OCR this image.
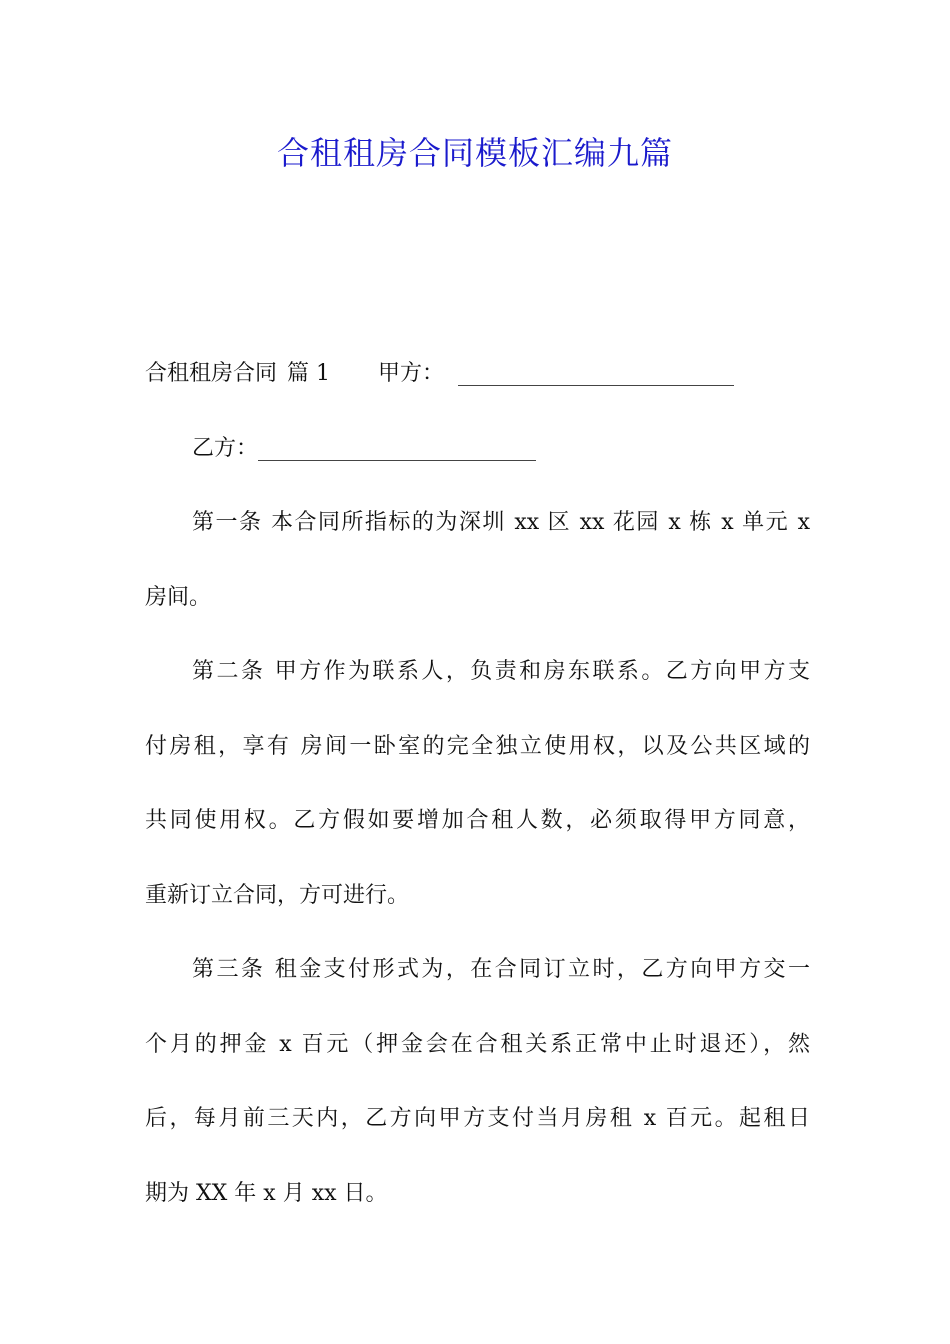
合租租房合同模板汇编九篇
合租租房合同 篇 1 甲方：
乙方：
第一条 本合同所指标的为深圳 xx 区 xx 花园 x 栋 x 单元 x
房间。
第二条 甲方作为联系人，负责和房东联系。乙方向甲方支
付房租，享有 房间一卧室的完全独立使用权，以及公共区域的
共同使用权。乙方假如要增加合租人数，必须取得甲方同意，
重新订立合同，方可进行。
第三条 租金支付形式为，在合同订立时，乙方向甲方交一
个月的押金 x 百元（押金会在合租关系正常中止时退还），然
后，每月前三天内，乙方向甲方支付当月房租 x 百元。起租日
期为 XX 年 x 月 xx 日。
